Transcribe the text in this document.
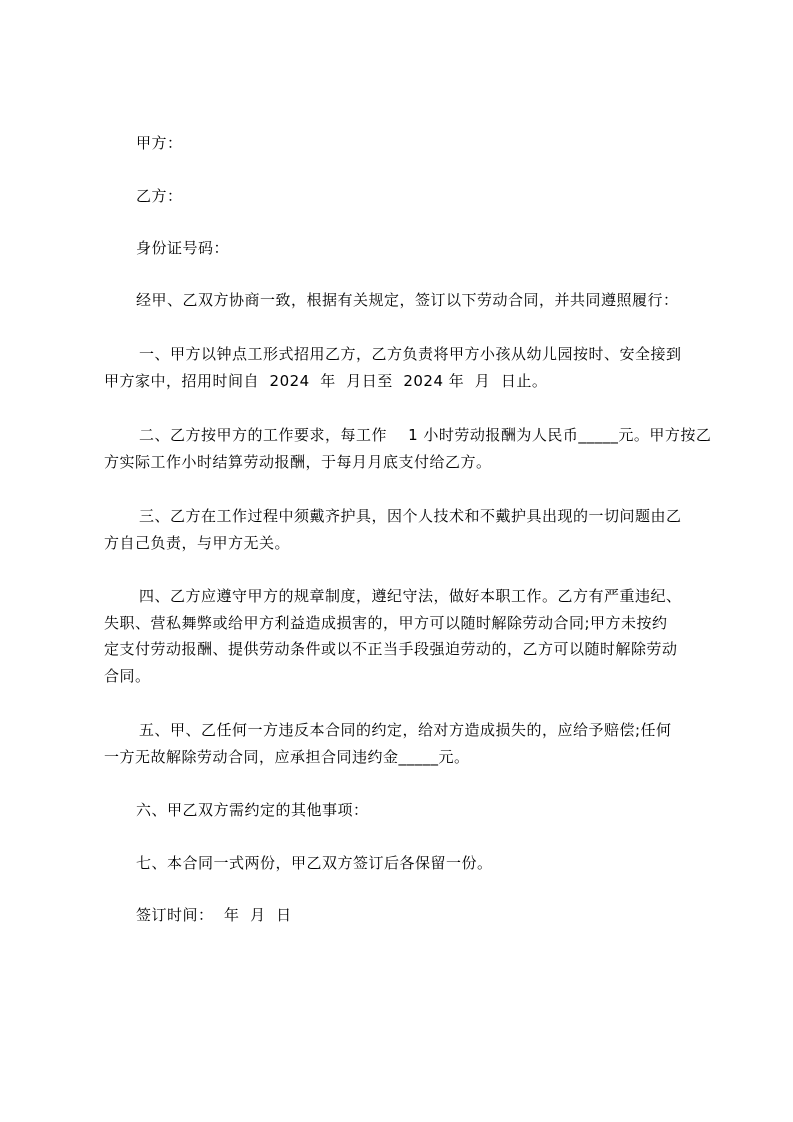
甲方：
乙方：
身份证号码：
经甲、乙双方协商一致，根据有关规定，签订以下劳动合同，并共同遵照履行：
一、甲方以钟点工形式招用乙方，乙方负责将甲方小孩从幼儿园按时、安全接到
甲方家中，招用时间自  2024  年  月日至  2024 年  月  日止。
二、乙方按甲方的工作要求，每工作    1 小时劳动报酬为人民币_____元。甲方按乙
方实际工作小时结算劳动报酬，于每月月底支付给乙方。
三、乙方在工作过程中须戴齐护具，因个人技术和不戴护具出现的一切问题由乙
方自己负责，与甲方无关。
四、乙方应遵守甲方的规章制度，遵纪守法，做好本职工作。乙方有严重违纪、
失职、营私舞弊或给甲方利益造成损害的，甲方可以随时解除劳动合同;甲方未按约
定支付劳动报酬、提供劳动条件或以不正当手段强迫劳动的，乙方可以随时解除劳动
合同。
五、甲、乙任何一方违反本合同的约定，给对方造成损失的，应给予赔偿;任何
一方无故解除劳动合同，应承担合同违约金_____元。
六、甲乙双方需约定的其他事项：
七、本合同一式两份，甲乙双方签订后各保留一份。
签订时间：  年  月  日
